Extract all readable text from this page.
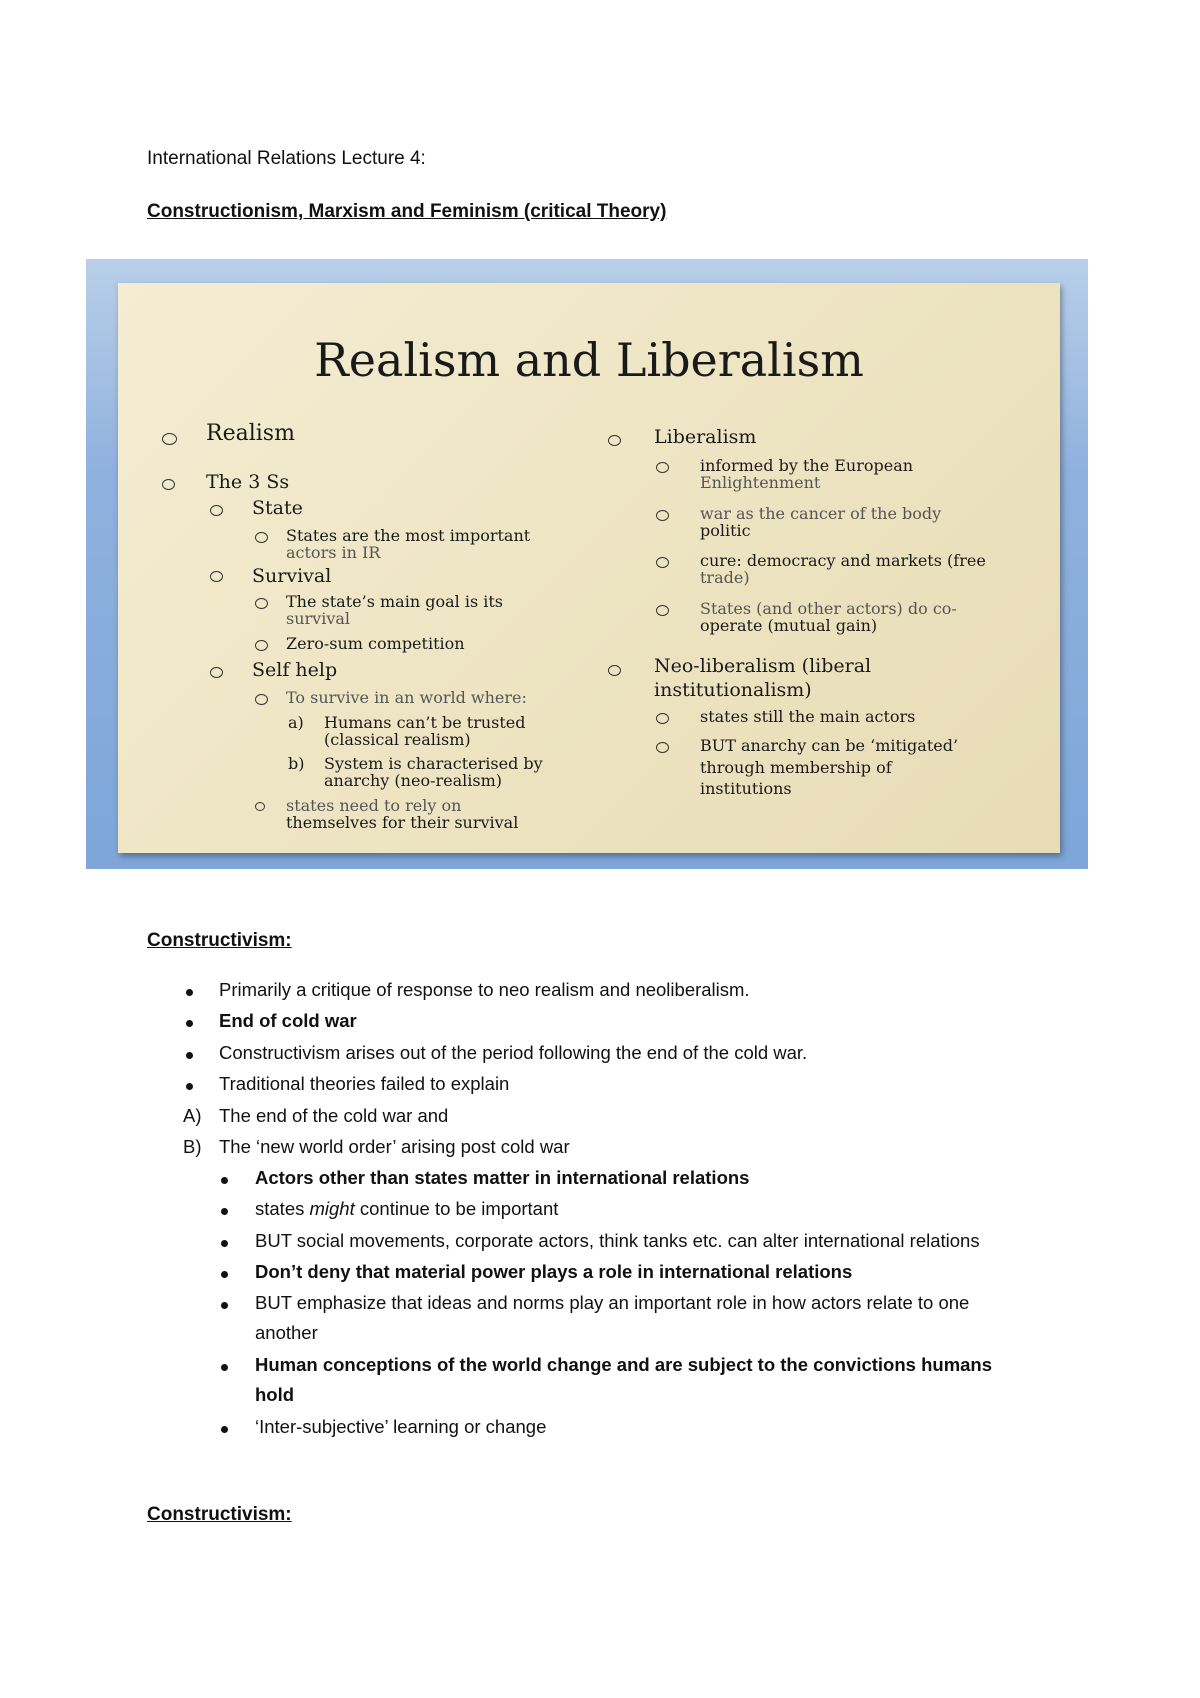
International Relations Lecture 4:
Constructionism, Marxism and Feminism (critical Theory)
Realism and Liberalism
Realism
The 3 Ss
State
States are the most important
actors in IR
Survival
The state’s main goal is its
survival
Zero-sum competition
Self help
To survive in an world where:
a) Humans can’t be trusted
(classical realism)
b) System is characterised by
anarchy (neo-realism)
states need to rely on
themselves for their survival
Liberalism
informed by the European
Enlightenment
war as the cancer of the body
politic
cure: democracy and markets (free
trade)
States (and other actors) do co-
operate (mutual gain)
Neo-liberalism (liberal
institutionalism)
states still the main actors
BUT anarchy can be ‘mitigated’
through membership of
institutions
Constructivism:
Primarily a critique of response to neo realism and neoliberalism.
End of cold war
Constructivism arises out of the period following the end of the cold war.
Traditional theories failed to explain
A) The end of the cold war and
B) The ‘new world order’ arising post cold war
Actors other than states matter in international relations
states might continue to be important
BUT social movements, corporate actors, think tanks etc. can alter international relations
Don’t deny that material power plays a role in international relations
BUT emphasize that ideas and norms play an important role in how actors relate to one
another
Human conceptions of the world change and are subject to the convictions humans
hold
‘Inter-subjective’ learning or change
Constructivism:
